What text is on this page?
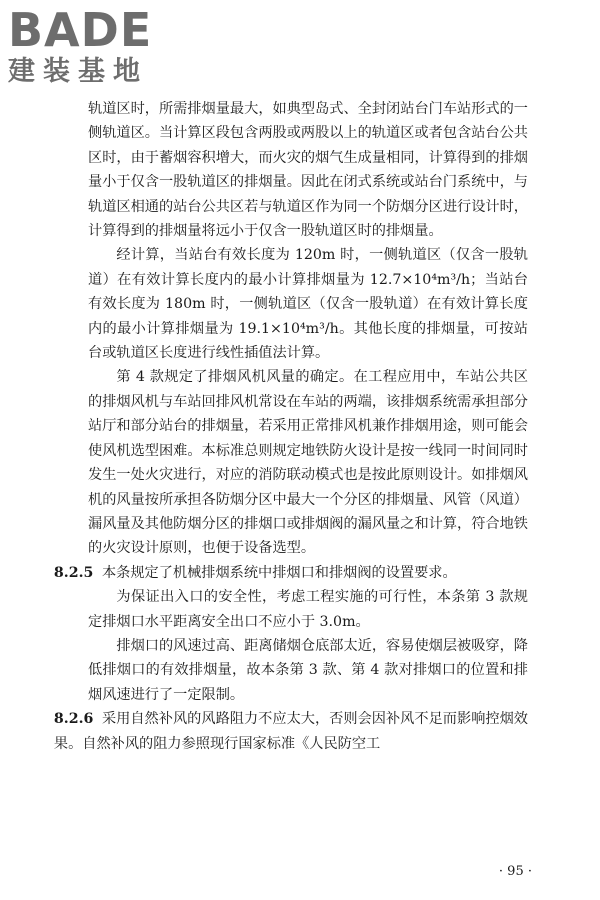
BADE
建装基地

轨道区时，所需排烟量最大，如典型岛式、全封闭站台门车站形式的一侧轨道区。当计算区段包含两股或两股以上的轨道区或者包含站台公共区时，由于蓄烟容积增大，而火灾的烟气生成量相同，计算得到的排烟量小于仅含一股轨道区的排烟量。因此在闭式系统或站台门系统中，与轨道区相通的站台公共区若与轨道区作为同一个防烟分区进行设计时，计算得到的排烟量将远小于仅含一股轨道区时的排烟量。

经计算，当站台有效长度为 120m 时，一侧轨道区（仅含一股轨道）在有效计算长度内的最小计算排烟量为 12.7×10⁴m³/h；当站台有效长度为 180m 时，一侧轨道区（仅含一股轨道）在有效计算长度内的最小计算排烟量为 19.1×10⁴m³/h。其他长度的排烟量，可按站台或轨道区长度进行线性插值法计算。

第 4 款规定了排烟风机风量的确定。在工程应用中，车站公共区的排烟风机与车站回排风机常设在车站的两端，该排烟系统需承担部分站厅和部分站台的排烟量，若采用正常排风机兼作排烟用途，则可能会使风机选型困难。本标准总则规定地铁防火设计是按一线同一时间同时发生一处火灾进行，对应的消防联动模式也是按此原则设计。如排烟风机的风量按所承担各防烟分区中最大一个分区的排烟量、风管（风道）漏风量及其他防烟分区的排烟口或排烟阀的漏风量之和计算，符合地铁的火灾设计原则，也便于设备选型。

8.2.5 本条规定了机械排烟系统中排烟口和排烟阀的设置要求。

为保证出入口的安全性，考虑工程实施的可行性，本条第 3 款规定排烟口水平距离安全出口不应小于 3.0m。

排烟口的风速过高、距离储烟仓底部太近，容易使烟层被吸穿，降低排烟口的有效排烟量，故本条第 3 款、第 4 款对排烟口的位置和排烟风速进行了一定限制。

8.2.6 采用自然补风的风路阻力不应太大，否则会因补风不足而影响控烟效果。自然补风的阻力参照现行国家标准《人民防空工

· 95 ·
